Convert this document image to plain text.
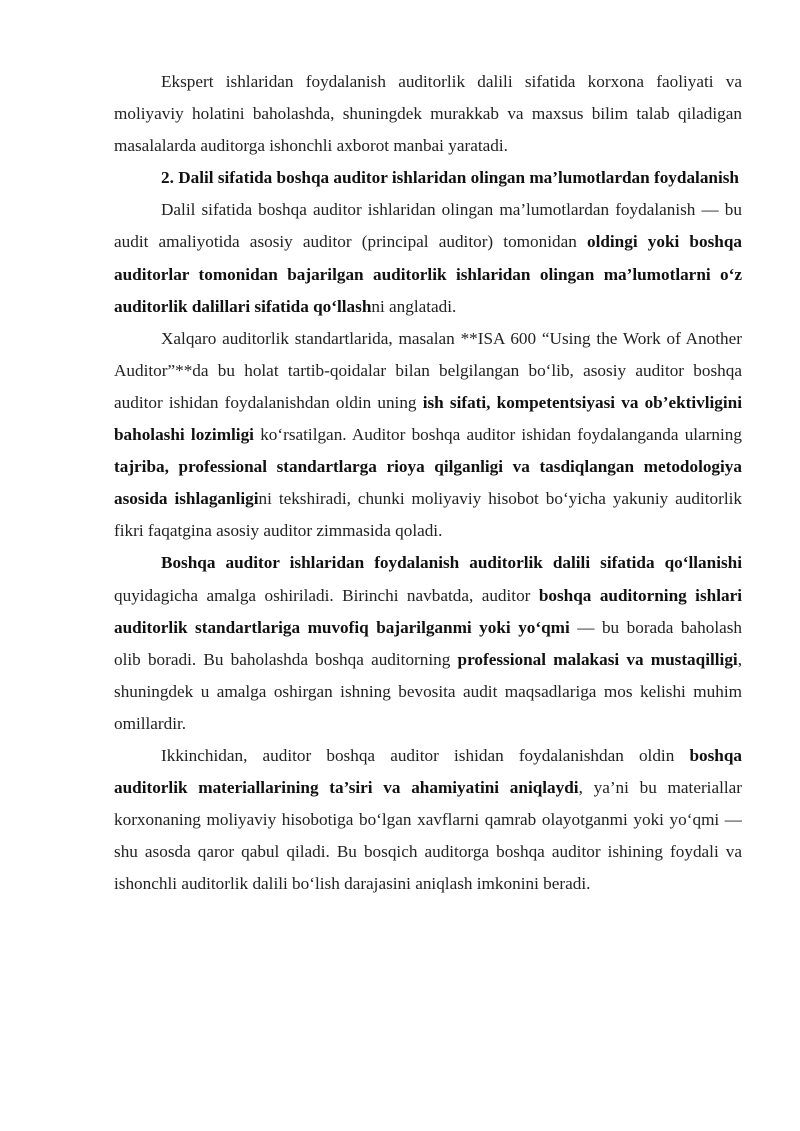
Ekspert ishlaridan foydalanish auditorlik dalili sifatida korxona faoliyati va moliyaviy holatini baholashda, shuningdek murakkab va maxsus bilim talab qiladigan masalalarda auditorga ishonchli axborot manbai yaratadi.

2. Dalil sifatida boshqa auditor ishlaridan olingan ma’lumotlardan foydalanish

Dalil sifatida boshqa auditor ishlaridan olingan ma’lumotlardan foydalanish — bu audit amaliyotida asosiy auditor (principal auditor) tomonidan oldingi yoki boshqa auditorlar tomonidan bajarilgan auditorlik ishlaridan olingan ma’lumotlarni o‘z auditorlik dalillari sifatida qo‘llashni anglatadi.

Xalqaro auditorlik standartlarida, masalan **ISA 600 “Using the Work of Another Auditor”**da bu holat tartib-qoidalar bilan belgilangan bo‘lib, asosiy auditor boshqa auditor ishidan foydalanishdan oldin uning ish sifati, kompetentsiyasi va ob’ektivligini baholashi lozimligi ko‘rsatilgan. Auditor boshqa auditor ishidan foydalanganda ularning tajriba, professional standartlarga rioya qilganligi va tasdiqlangan metodologiya asosida ishlaganligini tekshiradi, chunki moliyaviy hisobot bo‘yicha yakuniy auditorlik fikri faqatgina asosiy auditor zimmasida qoladi.

Boshqa auditor ishlaridan foydalanish auditorlik dalili sifatida qo‘llanishi quyidagicha amalga oshiriladi. Birinchi navbatda, auditor boshqa auditorning ishlari auditorlik standartlariga muvofiq bajarilganmi yoki yo‘qmi — bu borada baholash olib boradi. Bu baholashda boshqa auditorning professional malakasi va mustaqilligi, shuningdek u amalga oshirgan ishning bevosita audit maqsadlariga mos kelishi muhim omillardir.

Ikkinchidan, auditor boshqa auditor ishidan foydalanishdan oldin boshqa auditorlik materiallarining ta’siri va ahamiyatini aniqlaydi, ya’ni bu materiallar korxonaning moliyaviy hisobotiga bo‘lgan xavflarni qamrab olayotganmi yoki yo‘qmi — shu asosda qaror qabul qiladi. Bu bosqich auditorga boshqa auditor ishining foydali va ishonchli auditorlik dalili bo‘lish darajasini aniqlash imkonini beradi.
